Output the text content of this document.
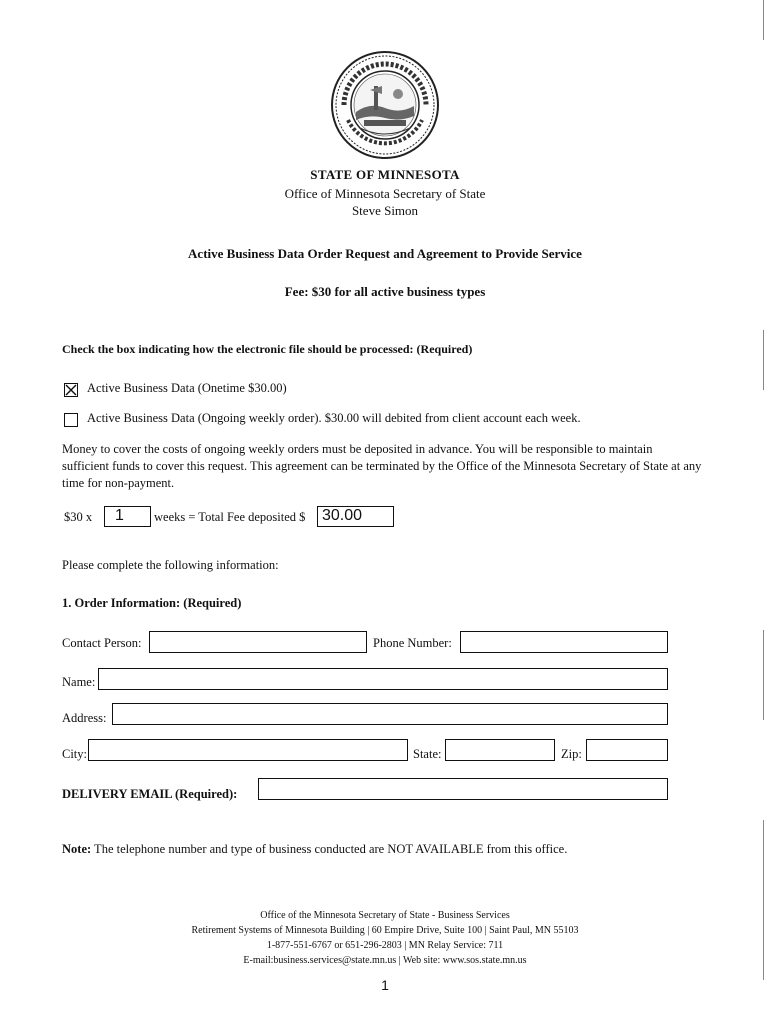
STATE OF MINNESOTA
Office of Minnesota Secretary of State
Steve Simon
Active Business Data Order Request and Agreement to Provide Service
Fee: $30 for all active business types
Check the box indicating how the electronic file should be processed: (Required)
Active Business Data (Onetime $30.00)
Active Business Data (Ongoing weekly order). $30.00 will debited from client account each week.
Money to cover the costs of ongoing weekly orders must be deposited in advance. You will be responsible to maintain sufficient funds to cover this request. This agreement can be terminated by the Office of the Minnesota Secretary of State at any time for non-payment.
$30 x	1	weeks = Total Fee deposited $ 30.00
Please complete the following information:
1. Order Information: (Required)
Contact Person:	Phone Number:
Name:
Address:
City:	State:	Zip:
DELIVERY EMAIL (Required):
Note: The telephone number and type of business conducted are NOT AVAILABLE from this office.
Office of the Minnesota Secretary of State - Business Services
Retirement Systems of Minnesota Building | 60 Empire Drive, Suite 100 | Saint Paul, MN 55103
1-877-551-6767 or 651-296-2803 | MN Relay Service: 711
E-mail:business.services@state.mn.us | Web site: www.sos.state.mn.us
1
